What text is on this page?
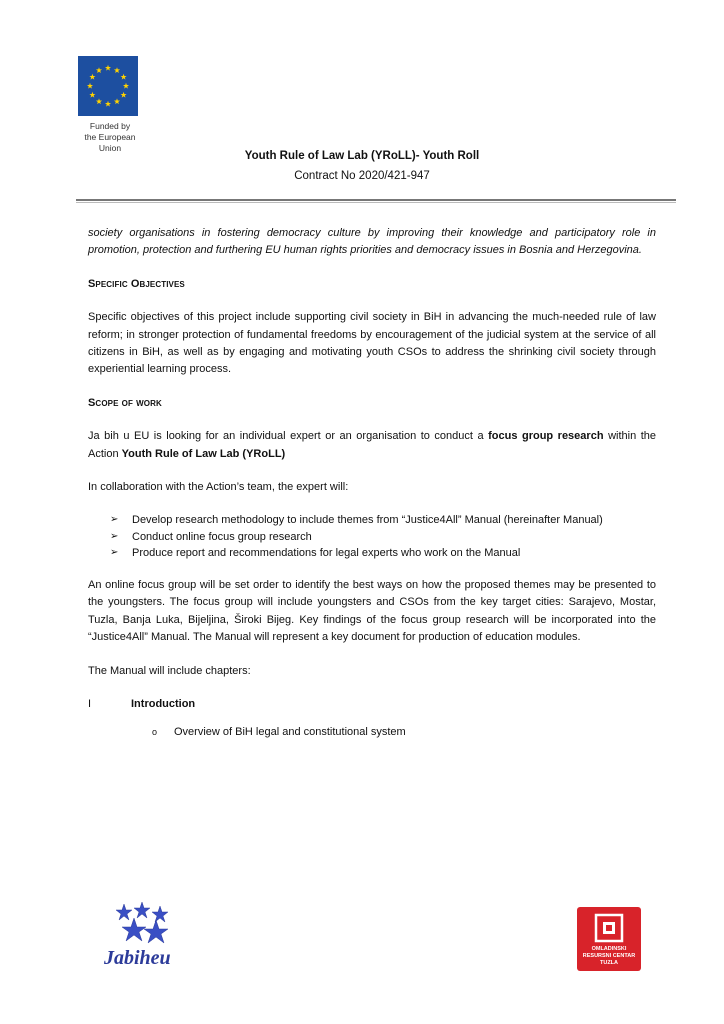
Funded by
the European Union
Youth Rule of Law Lab (YRoLL)- Youth Roll
Contract No 2020/421-947

society organisations in fostering democracy culture by improving their knowledge and participatory role in promotion, protection and furthering EU human rights priorities and democracy issues in Bosnia and Herzegovina.

Specific Objectives

Specific objectives of this project include supporting civil society in BiH in advancing the much-needed rule of law reform; in stronger protection of fundamental freedoms by encouragement of the judicial system at the service of all citizens in BiH, as well as by engaging and motivating youth CSOs to address the shrinking civil society through experiential learning process.

Scope of work

Ja bih u EU is looking for an individual expert or an organisation to conduct a focus group research within the Action Youth Rule of Law Lab (YRoLL)

In collaboration with the Action’s team, the expert will:

➢ Develop research methodology to include themes from “Justice4All” Manual (hereinafter Manual)
➢ Conduct online focus group research
➢ Produce report and recommendations for legal experts who work on the Manual

An online focus group will be set order to identify the best ways on how the proposed themes may be presented to the youngsters. The focus group will include youngsters and CSOs from the key target cities: Sarajevo, Mostar, Tuzla, Banja Luka, Bijeljina, Široki Bijeg. Key findings of the focus group research will be incorporated into the “Justice4All” Manual. The Manual will represent a key document for production of education modules.

The Manual will include chapters:

I	Introduction
o	Overview of BiH legal and constitutional system
Jabiheu	OMLADINSKI
RESURSNI CENTAR
TUZLA
